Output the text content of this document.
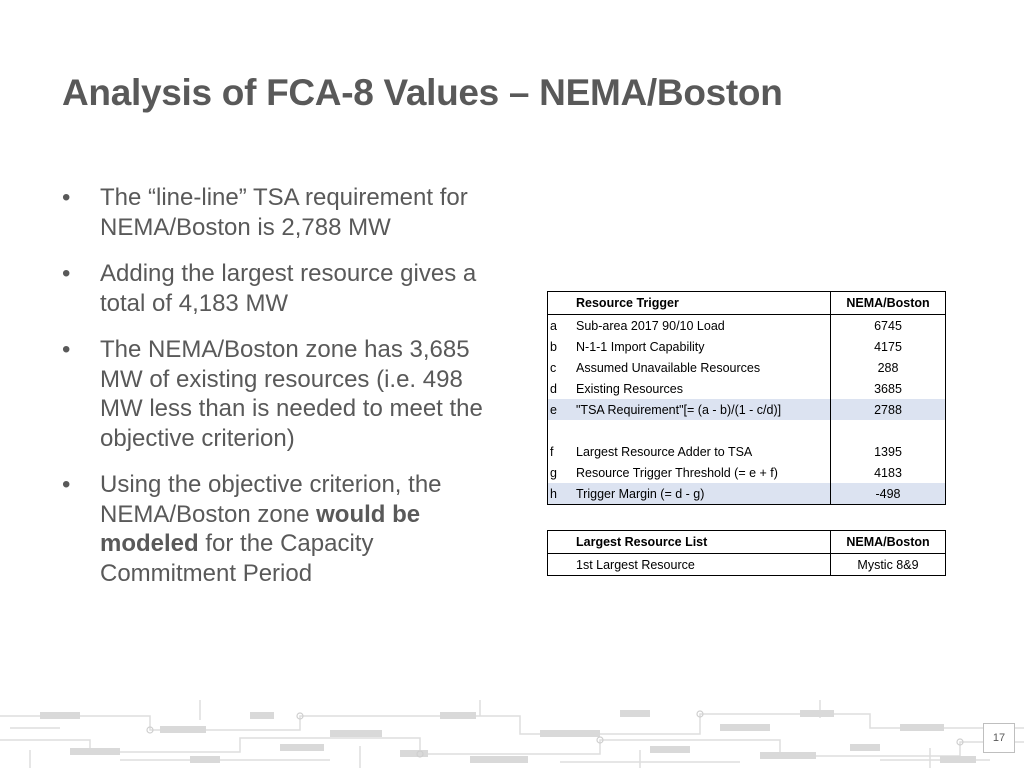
Analysis of FCA-8 Values – NEMA/Boston
• The “line-line” TSA requirement for NEMA/Boston is 2,788 MW
• Adding the largest resource gives a total of 4,183 MW
• The NEMA/Boston zone has 3,685 MW of existing resources (i.e. 498 MW less than is needed to meet the objective criterion)
• Using the objective criterion, the NEMA/Boston zone would be modeled for the Capacity Commitment Period
	Resource Trigger	NEMA/Boston
a	Sub-area 2017 90/10 Load	6745
b	N-1-1 Import Capability	4175
c	Assumed Unavailable Resources	288
d	Existing Resources	3685
e	"TSA Requirement"[= (a - b)/(1 - c/d)]	2788

f	Largest Resource Adder to TSA	1395
g	Resource Trigger Threshold (= e + f)	4183
h	Trigger Margin (= d - g)	-498
	Largest Resource List	NEMA/Boston
	1st Largest Resource	Mystic 8&9
17
